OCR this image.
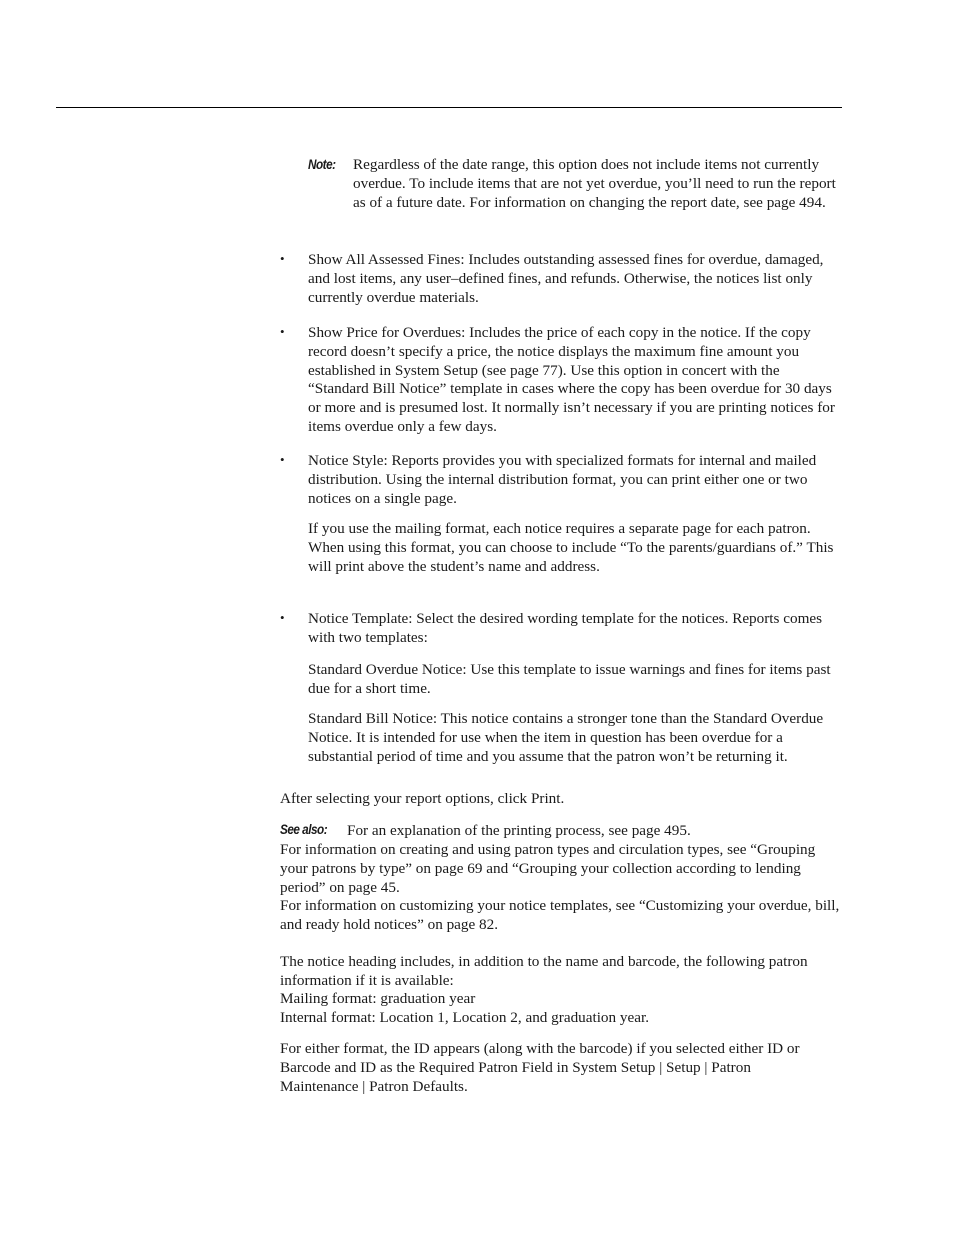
Note: Regardless of the date range, this option does not include items not currently overdue. To include items that are not yet overdue, you’ll need to run the report as of a future date. For information on changing the report date, see page 494.

• Show All Assessed Fines: Includes outstanding assessed fines for overdue, damaged, and lost items, any user–defined fines, and refunds. Otherwise, the notices list only currently overdue materials.

• Show Price for Overdues: Includes the price of each copy in the notice. If the copy record doesn’t specify a price, the notice displays the maximum fine amount you established in System Setup (see page 77). Use this option in concert with the “Standard Bill Notice” template in cases where the copy has been overdue for 30 days or more and is presumed lost. It normally isn’t necessary if you are printing notices for items overdue only a few days.

• Notice Style: Reports provides you with specialized formats for internal and mailed distribution. Using the internal distribution format, you can print either one or two notices on a single page.

If you use the mailing format, each notice requires a separate page for each patron. When using this format, you can choose to include “To the parents/guardians of.” This will print above the student’s name and address.

• Notice Template: Select the desired wording template for the notices. Reports comes with two templates:

Standard Overdue Notice: Use this template to issue warnings and fines for items past due for a short time.

Standard Bill Notice: This notice contains a stronger tone than the Standard Overdue Notice. It is intended for use when the item in question has been overdue for a substantial period of time and you assume that the patron won’t be returning it.

After selecting your report options, click Print.

See also: For an explanation of the printing process, see page 495.

For information on creating and using patron types and circulation types, see “Grouping your patrons by type” on page 69 and “Grouping your collection according to lending period” on page 45.

For information on customizing your notice templates, see “Customizing your overdue, bill, and ready hold notices” on page 82.

The notice heading includes, in addition to the name and barcode, the following patron information if it is available:

Mailing format: graduation year

Internal format: Location 1, Location 2, and graduation year.

For either format, the ID appears (along with the barcode) if you selected either ID or Barcode and ID as the Required Patron Field in System Setup | Setup | Patron Maintenance | Patron Defaults.
